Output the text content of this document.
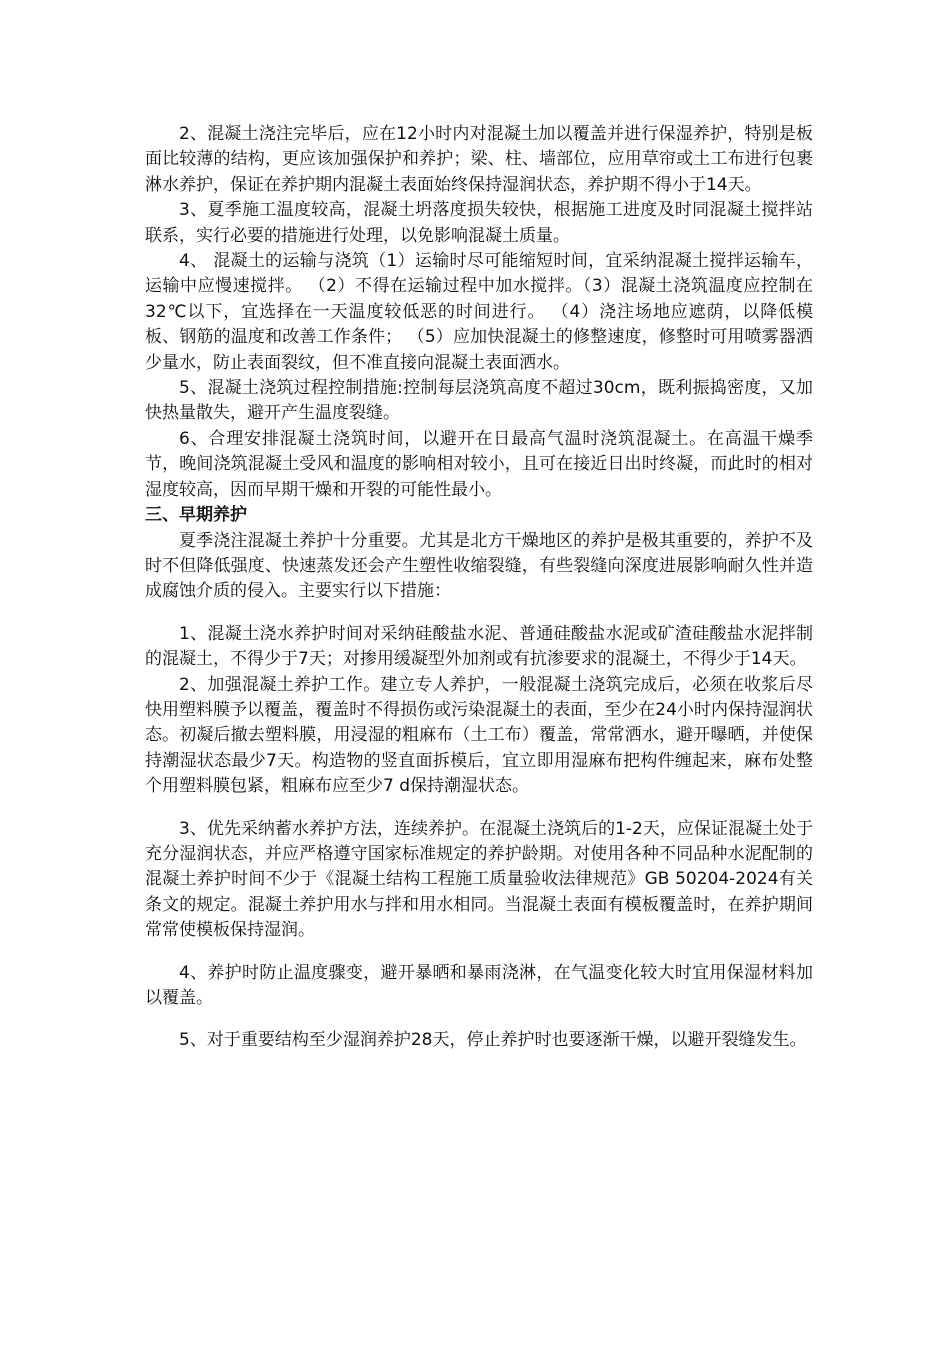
2、混凝土浇注完毕后，应在12小时内对混凝土加以覆盖并进行保湿养护，特别是板面比较薄的结构，更应该加强保护和养护；梁、柱、墙部位，应用草帘或土工布进行包裹淋水养护，保证在养护期内混凝土表面始终保持湿润状态，养护期不得小于14天。

3、夏季施工温度较高，混凝土坍落度损失较快，根据施工进度及时同混凝土搅拌站联系，实行必要的措施进行处理，以免影响混凝土质量。

4、 混凝土的运输与浇筑（1）运输时尽可能缩短时间，宜采纳混凝土搅拌运输车，运输中应慢速搅拌。 （2）不得在运输过程中加水搅拌。（3）混凝土浇筑温度应控制在32℃以下，宜选择在一天温度较低恶的时间进行。 （4）浇注场地应遮荫，以降低模板、钢筋的温度和改善工作条件； （5）应加快混凝土的修整速度，修整时可用喷雾器洒少量水，防止表面裂纹，但不准直接向混凝土表面洒水。

5、混凝土浇筑过程控制措施:控制每层浇筑高度不超过30cm，既利振捣密度，又加快热量散失，避开产生温度裂缝。

6、合理安排混凝土浇筑时间，以避开在日最高气温时浇筑混凝土。在高温干燥季节，晚间浇筑混凝土受风和温度的影响相对较小，且可在接近日出时终凝，而此时的相对湿度较高，因而早期干燥和开裂的可能性最小。

三、早期养护

夏季浇注混凝土养护十分重要。尤其是北方干燥地区的养护是极其重要的，养护不及时不但降低强度、快速蒸发还会产生塑性收缩裂缝，有些裂缝向深度进展影响耐久性并造成腐蚀介质的侵入。主要实行以下措施：

1、混凝土浇水养护时间对采纳硅酸盐水泥、普通硅酸盐水泥或矿渣硅酸盐水泥拌制的混凝土，不得少于7天；对掺用缓凝型外加剂或有抗渗要求的混凝土，不得少于14天。

2、加强混凝土养护工作。建立专人养护，一般混凝土浇筑完成后，必须在收浆后尽快用塑料膜予以覆盖，覆盖时不得损伤或污染混凝土的表面，至少在24小时内保持湿润状态。初凝后撤去塑料膜，用浸湿的粗麻布（土工布）覆盖，常常洒水，避开曝晒，并使保持潮湿状态最少7天。构造物的竖直面拆模后，宜立即用湿麻布把构件缠起来，麻布处整个用塑料膜包紧，粗麻布应至少7 d保持潮湿状态。

3、优先采纳蓄水养护方法，连续养护。在混凝土浇筑后的1-2天，应保证混凝土处于充分湿润状态，并应严格遵守国家标准规定的养护龄期。对使用各种不同品种水泥配制的混凝土养护时间不少于《混凝土结构工程施工质量验收法律规范》GB 50204-2024有关条文的规定。混凝土养护用水与拌和用水相同。当混凝土表面有模板覆盖时，在养护期间常常使模板保持湿润。

4、养护时防止温度骤变，避开暴晒和暴雨浇淋，在气温变化较大时宜用保湿材料加以覆盖。

5、对于重要结构至少湿润养护28天，停止养护时也要逐渐干燥，以避开裂缝发生。
